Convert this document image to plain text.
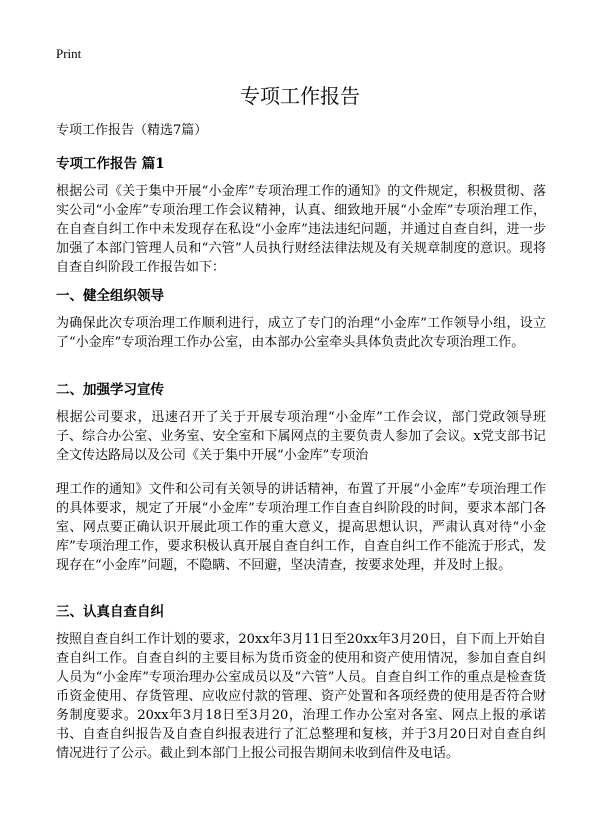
Print
专项工作报告

专项工作报告（精选7篇）

专项工作报告 篇1

根据公司《关于集中开展“小金库”专项治理工作的通知》的文件规定，积极贯彻、落实公司“小金库”专项治理工作会议精神，认真、细致地开展“小金库”专项治理工作，在自查自纠工作中未发现存在私设“小金库”违法违纪问题，并通过自查自纠，进一步加强了本部门管理人员和“六管”人员执行财经法律法规及有关规章制度的意识。现将自查自纠阶段工作报告如下：

一、健全组织领导

为确保此次专项治理工作顺利进行，成立了专门的治理“小金库”工作领导小组，设立了“小金库”专项治理工作办公室，由本部办公室牵头具体负责此次专项治理工作。

二、加强学习宣传

根据公司要求，迅速召开了关于开展专项治理“小金库”工作会议，部门党政领导班子、综合办公室、业务室、安全室和下属网点的主要负责人参加了会议。x党支部书记全文传达路局以及公司《关于集中开展“小金库”专项治

理工作的通知》文件和公司有关领导的讲话精神，布置了开展“小金库”专项治理工作的具体要求，规定了开展“小金库”专项治理工作自查自纠阶段的时间，要求本部门各室、网点要正确认识开展此项工作的重大意义，提高思想认识，严肃认真对待“小金库”专项治理工作，要求积极认真开展自查自纠工作，自查自纠工作不能流于形式，发现存在“小金库”问题，不隐瞒、不回避，坚决清查，按要求处理，并及时上报。

三、认真自查自纠

按照自查自纠工作计划的要求，20xx年3月11日至20xx年3月20日，自下而上开始自查自纠工作。自查自纠的主要目标为货币资金的使用和资产使用情况，参加自查自纠人员为“小金库”专项治理办公室成员以及“六管”人员。自查自纠工作的重点是检查货币资金使用、存货管理、应收应付款的管理、资产处置和各项经费的使用是否符合财务制度要求。20xx年3月18日至3月20，治理工作办公室对各室、网点上报的承诺书、自查自纠报告及自查自纠报表进行了汇总整理和复核，并于3月20日对自查自纠情况进行了公示。截止到本部门上报公司报告期间未收到信件及电话。
